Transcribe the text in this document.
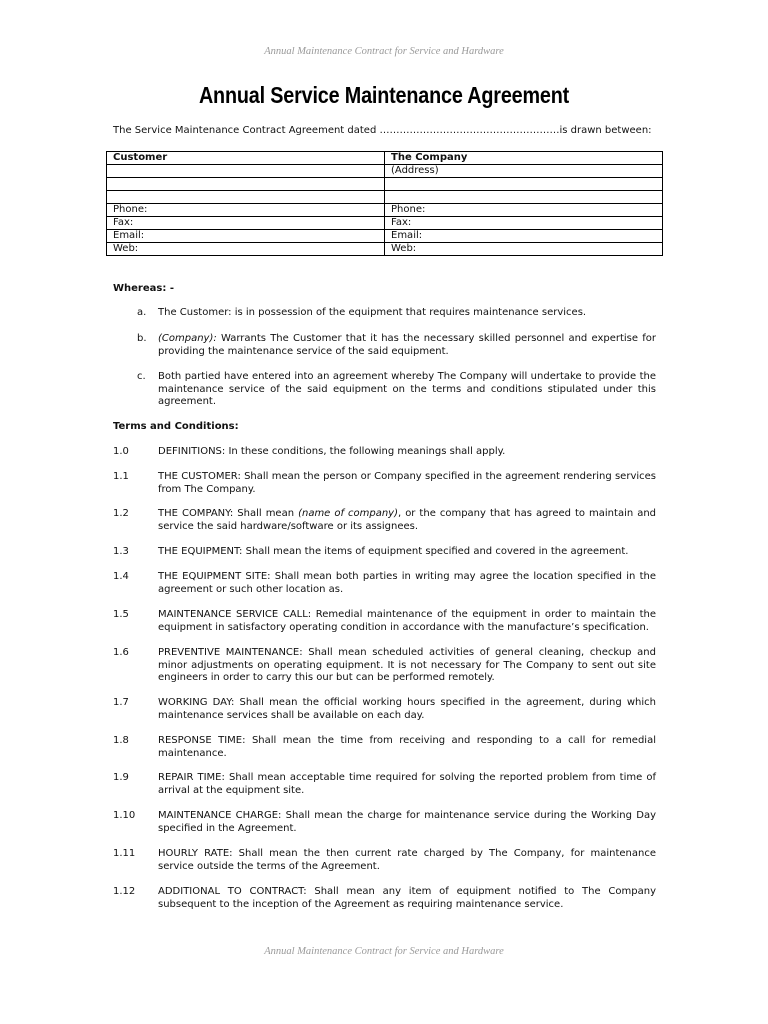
Annual Maintenance Contract for Service and Hardware
Annual Service Maintenance Agreement
The Service Maintenance Contract Agreement dated ………………………………………………is drawn between:
Customer	The Company
	(Address)

Phone:	Phone:
Fax:	Fax:
Email:	Email:
Web:	Web:
Whereas: -
a. The Customer: is in possession of the equipment that requires maintenance services.
b. (Company): Warrants The Customer that it has the necessary skilled personnel and expertise for providing the maintenance service of the said equipment.
c. Both partied have entered into an agreement whereby The Company will undertake to provide the maintenance service of the said equipment on the terms and conditions stipulated under this agreement.
Terms and Conditions:
1.0	DEFINITIONS: In these conditions, the following meanings shall apply.
1.1	THE CUSTOMER: Shall mean the person or Company specified in the agreement rendering services from The Company.
1.2	THE COMPANY: Shall mean (name of company), or the company that has agreed to maintain and service the said hardware/software or its assignees.
1.3	THE EQUIPMENT: Shall mean the items of equipment specified and covered in the agreement.
1.4	THE EQUIPMENT SITE: Shall mean both parties in writing may agree the location specified in the agreement or such other location as.
1.5	MAINTENANCE SERVICE CALL: Remedial maintenance of the equipment in order to maintain the equipment in satisfactory operating condition in accordance with the manufacture’s specification.
1.6	PREVENTIVE MAINTENANCE: Shall mean scheduled activities of general cleaning, checkup and minor adjustments on operating equipment. It is not necessary for The Company to sent out site engineers in order to carry this our but can be performed remotely.
1.7	WORKING DAY: Shall mean the official working hours specified in the agreement, during which maintenance services shall be available on each day.
1.8	RESPONSE TIME: Shall mean the time from receiving and responding to a call for remedial maintenance.
1.9	REPAIR TIME: Shall mean acceptable time required for solving the reported problem from time of arrival at the equipment site.
1.10 MAINTENANCE CHARGE: Shall mean the charge for maintenance service during the Working Day specified in the Agreement.
1.11 HOURLY RATE: Shall mean the then current rate charged by The Company, for maintenance service outside the terms of the Agreement.
1.12 ADDITIONAL TO CONTRACT: Shall mean any item of equipment notified to The Company subsequent to the inception of the Agreement as requiring maintenance service.
Annual Maintenance Contract for Service and Hardware
